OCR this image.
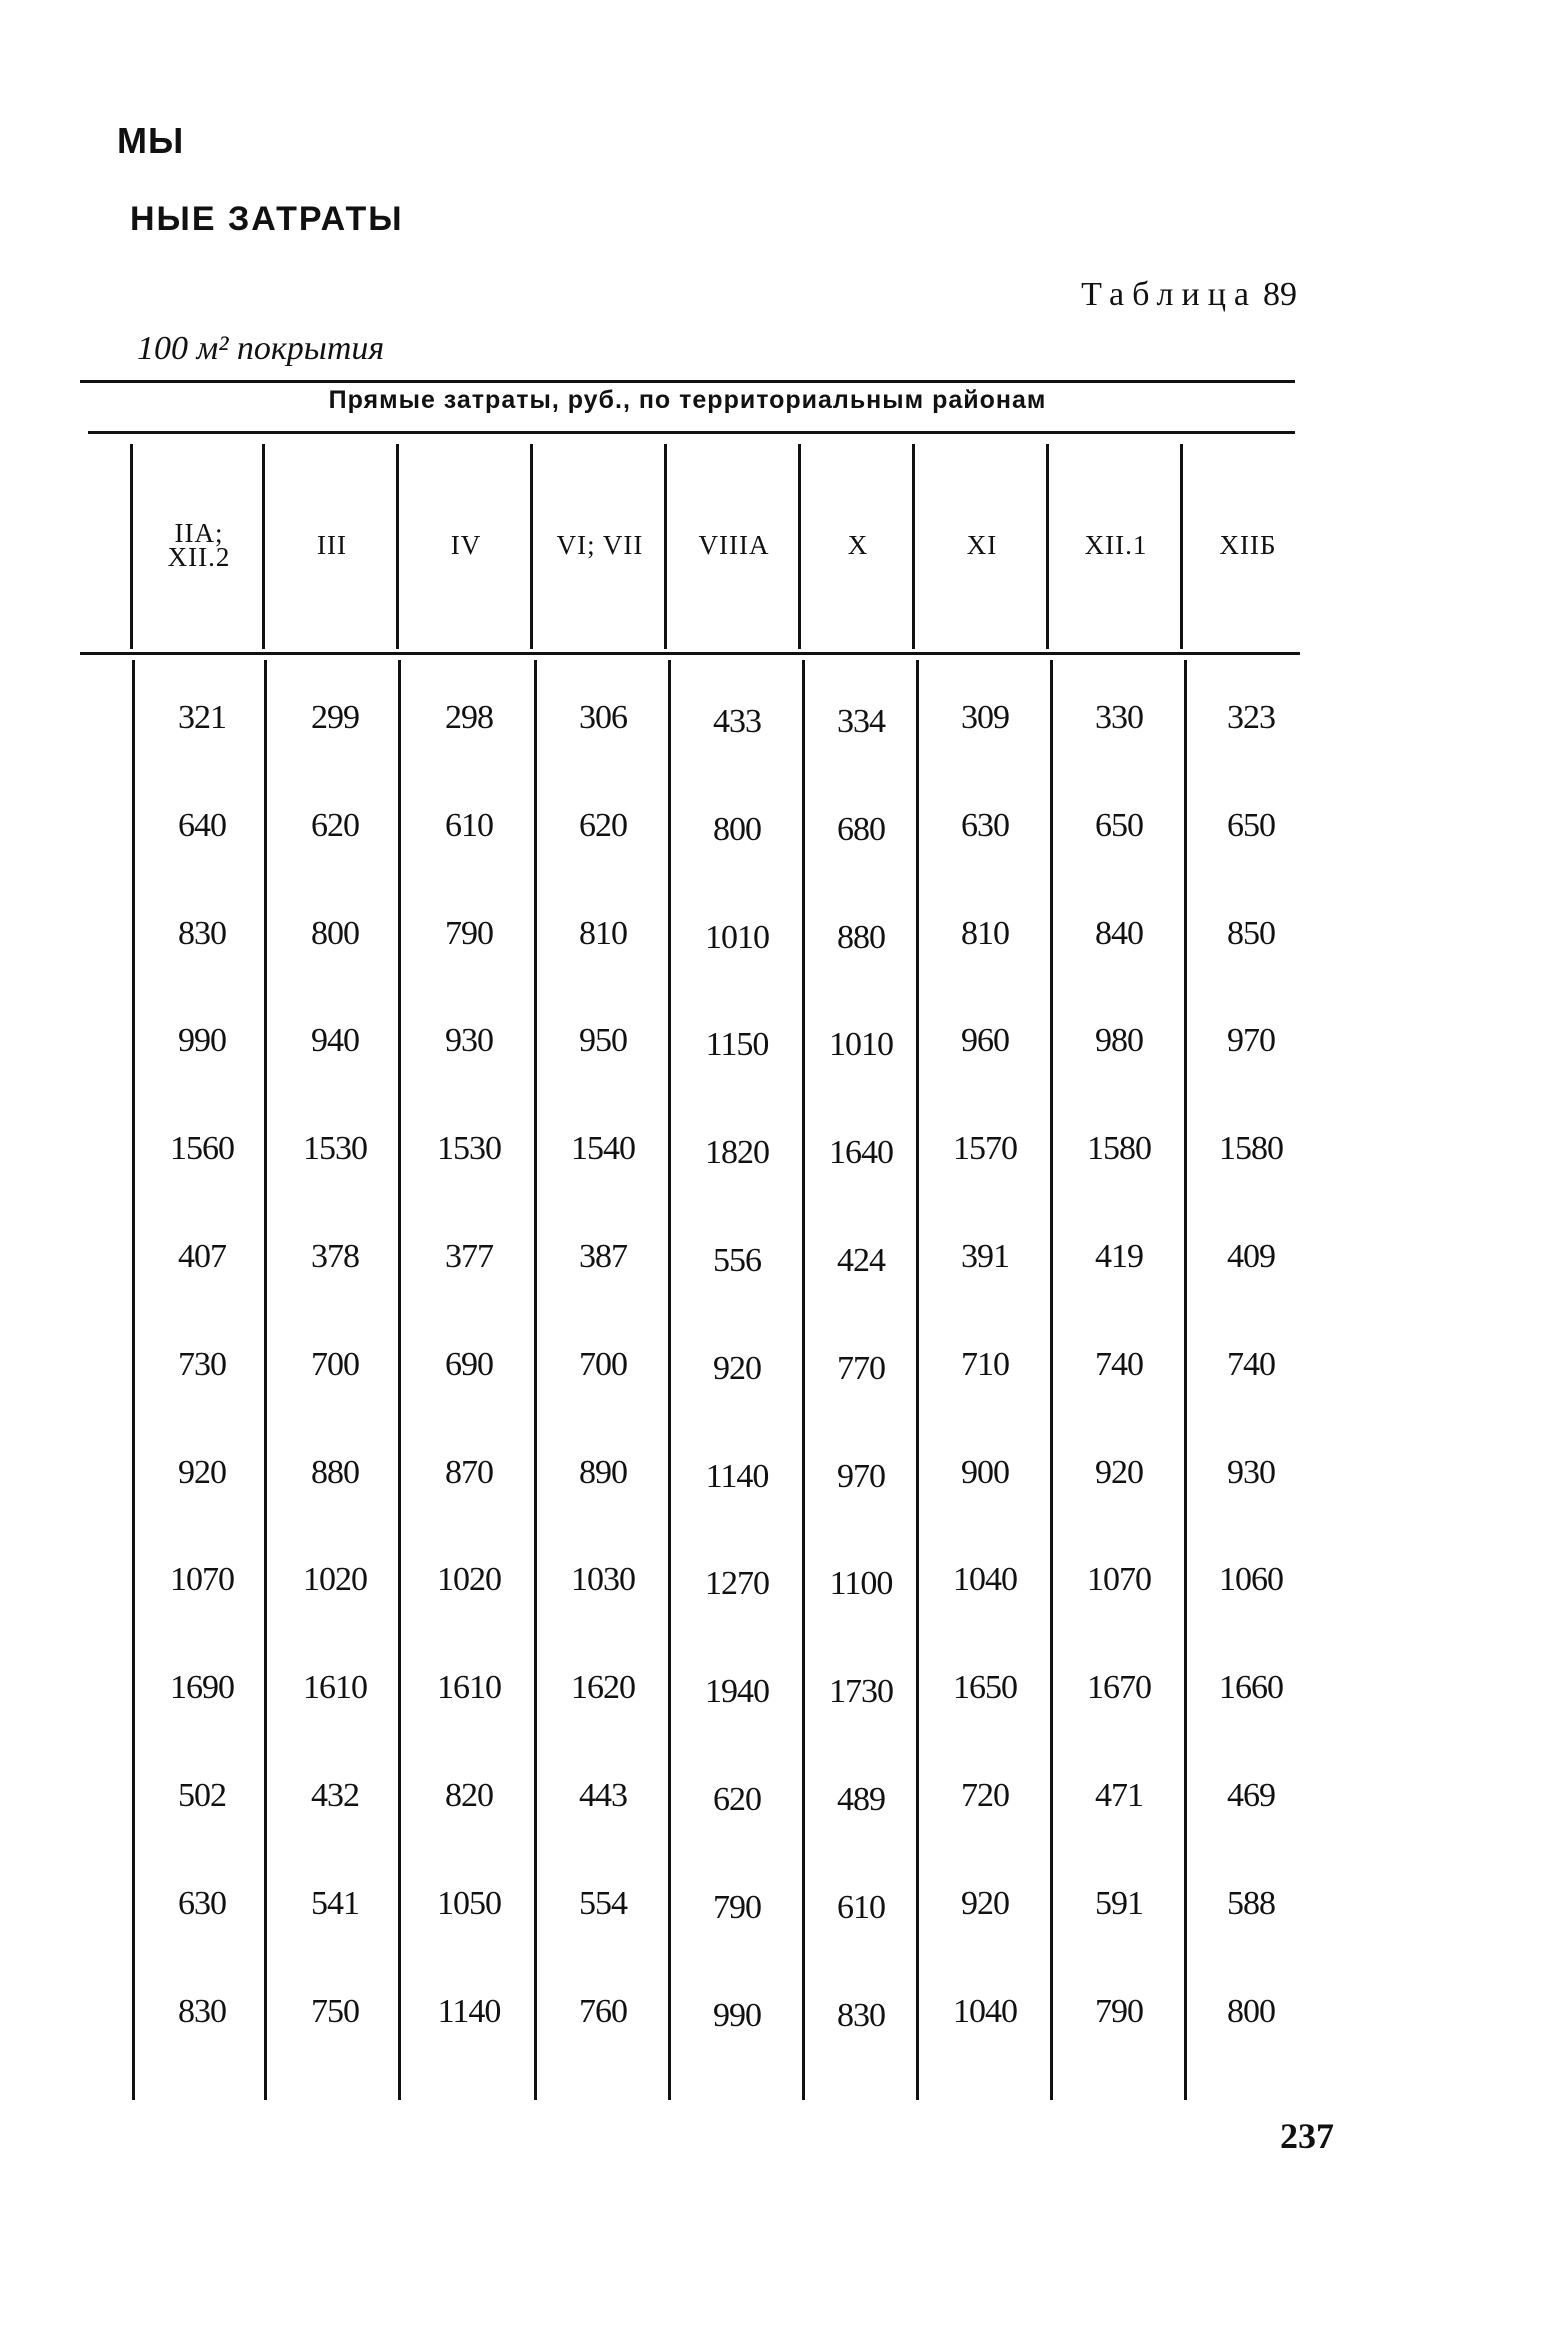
МЫ
НЫЕ ЗАТРАТЫ
Таблица 89
100 м² покрытия
Прямые затраты, руб., по территориальным районам
IIA;
XII.2	III	IV	VI; VII	VIIIA	X	XI	XII.1	XIIБ
321	299	298	306	433	334	309	330	323
640	620	610	620	800	680	630	650	650
830	800	790	810	1010	880	810	840	850
990	940	930	950	1150	1010	960	980	970
1560	1530	1530	1540	1820	1640	1570	1580	1580
407	378	377	387	556	424	391	419	409
730	700	690	700	920	770	710	740	740
920	880	870	890	1140	970	900	920	930
1070	1020	1020	1030	1270	1100	1040	1070	1060
1690	1610	1610	1620	1940	1730	1650	1670	1660
502	432	820	443	620	489	720	471	469
630	541	1050	554	790	610	920	591	588
830	750	1140	760	990	830	1040	790	800
237
